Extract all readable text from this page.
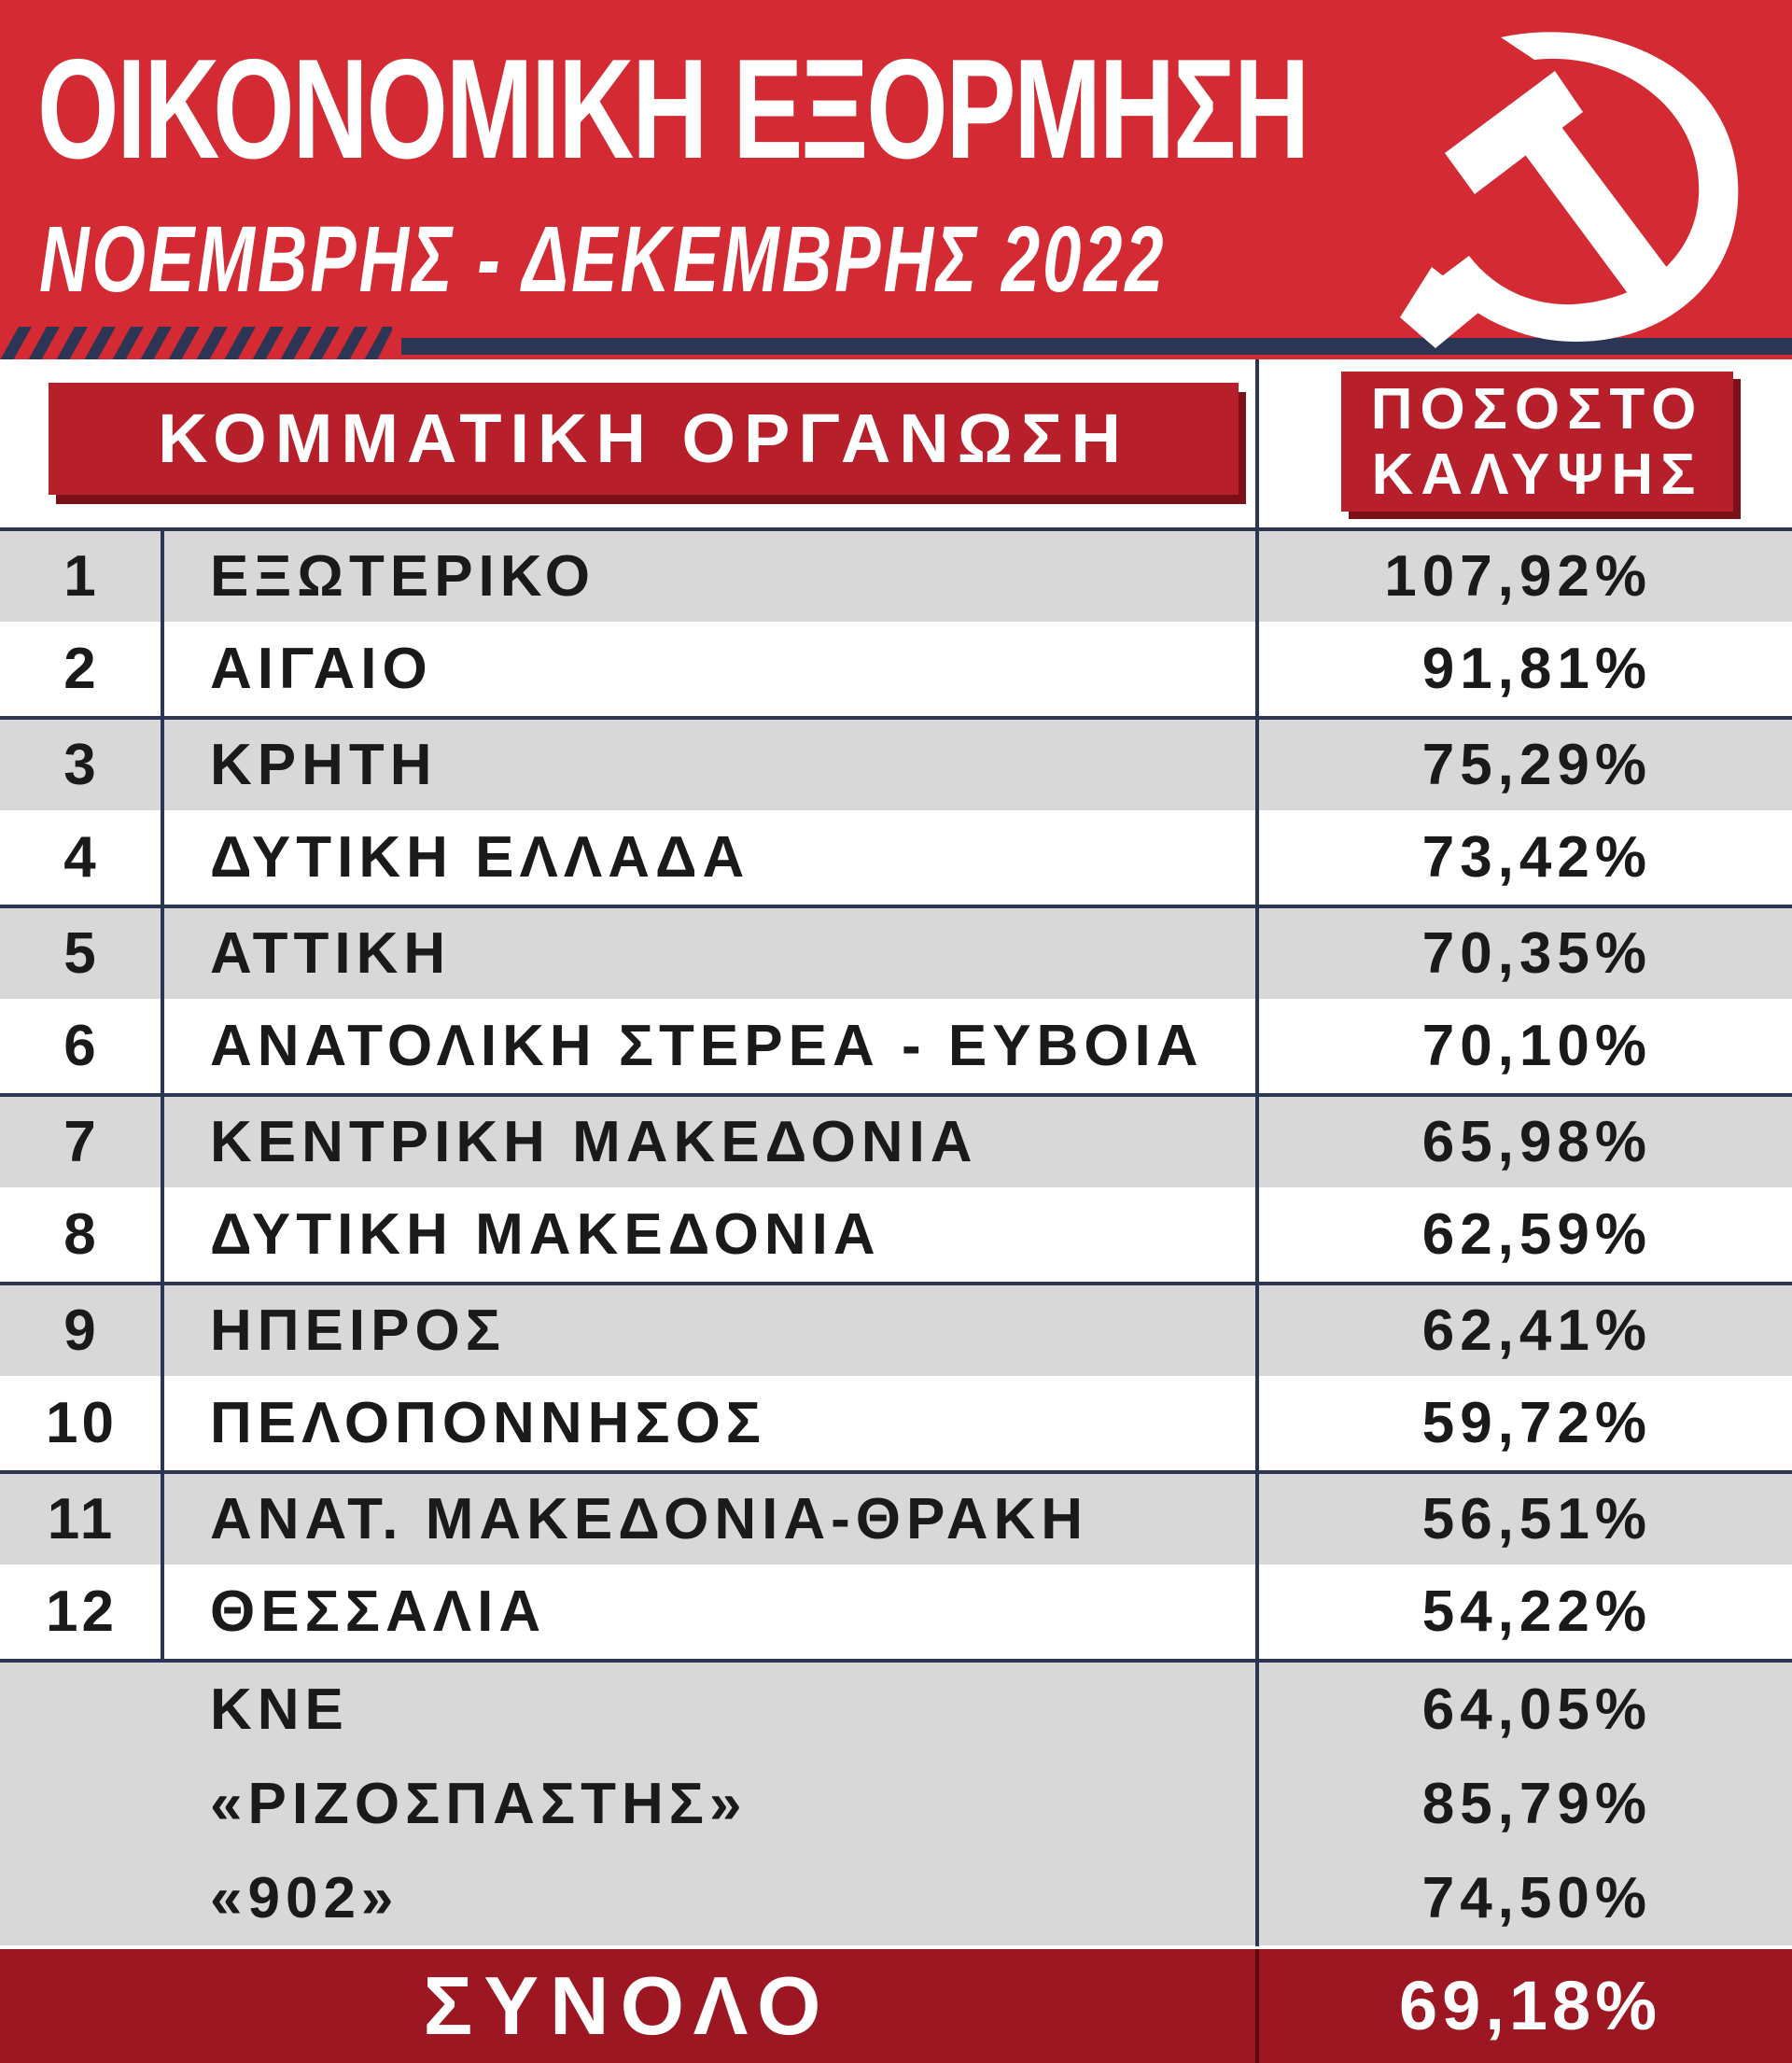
ΟΙΚΟΝΟΜΙΚΗ ΕΞΟΡΜΗΣΗ
ΝΟΕΜΒΡΗΣ - ΔΕΚΕΜΒΡΗΣ 2022
ΚΟΜΜΑΤΙΚΗ ΟΡΓΑΝΩΣΗ	ΠΟΣΟΣΤΟ
ΚΑΛΥΨΗΣ
1	ΕΞΩΤΕΡΙΚΟ	107,92%
2	ΑΙΓΑΙΟ	91,81%
3	ΚΡΗΤΗ	75,29%
4	ΔΥΤΙΚΗ ΕΛΛΑΔΑ	73,42%
5	ΑΤΤΙΚΗ	70,35%
6	ΑΝΑΤΟΛΙΚΗ ΣΤΕΡΕΑ - ΕΥΒΟΙΑ	70,10%
7	ΚΕΝΤΡΙΚΗ ΜΑΚΕΔΟΝΙΑ	65,98%
8	ΔΥΤΙΚΗ ΜΑΚΕΔΟΝΙΑ	62,59%
9	ΗΠΕΙΡΟΣ	62,41%
10	ΠΕΛΟΠΟΝΝΗΣΟΣ	59,72%
11	ΑΝΑΤ. ΜΑΚΕΔΟΝΙΑ-ΘΡΑΚΗ	56,51%
12	ΘΕΣΣΑΛΙΑ	54,22%
ΚΝΕ	64,05%
«ΡΙΖΟΣΠΑΣΤΗΣ»	85,79%
«902»	74,50%
ΣΥΝΟΛΟ	69,18%
